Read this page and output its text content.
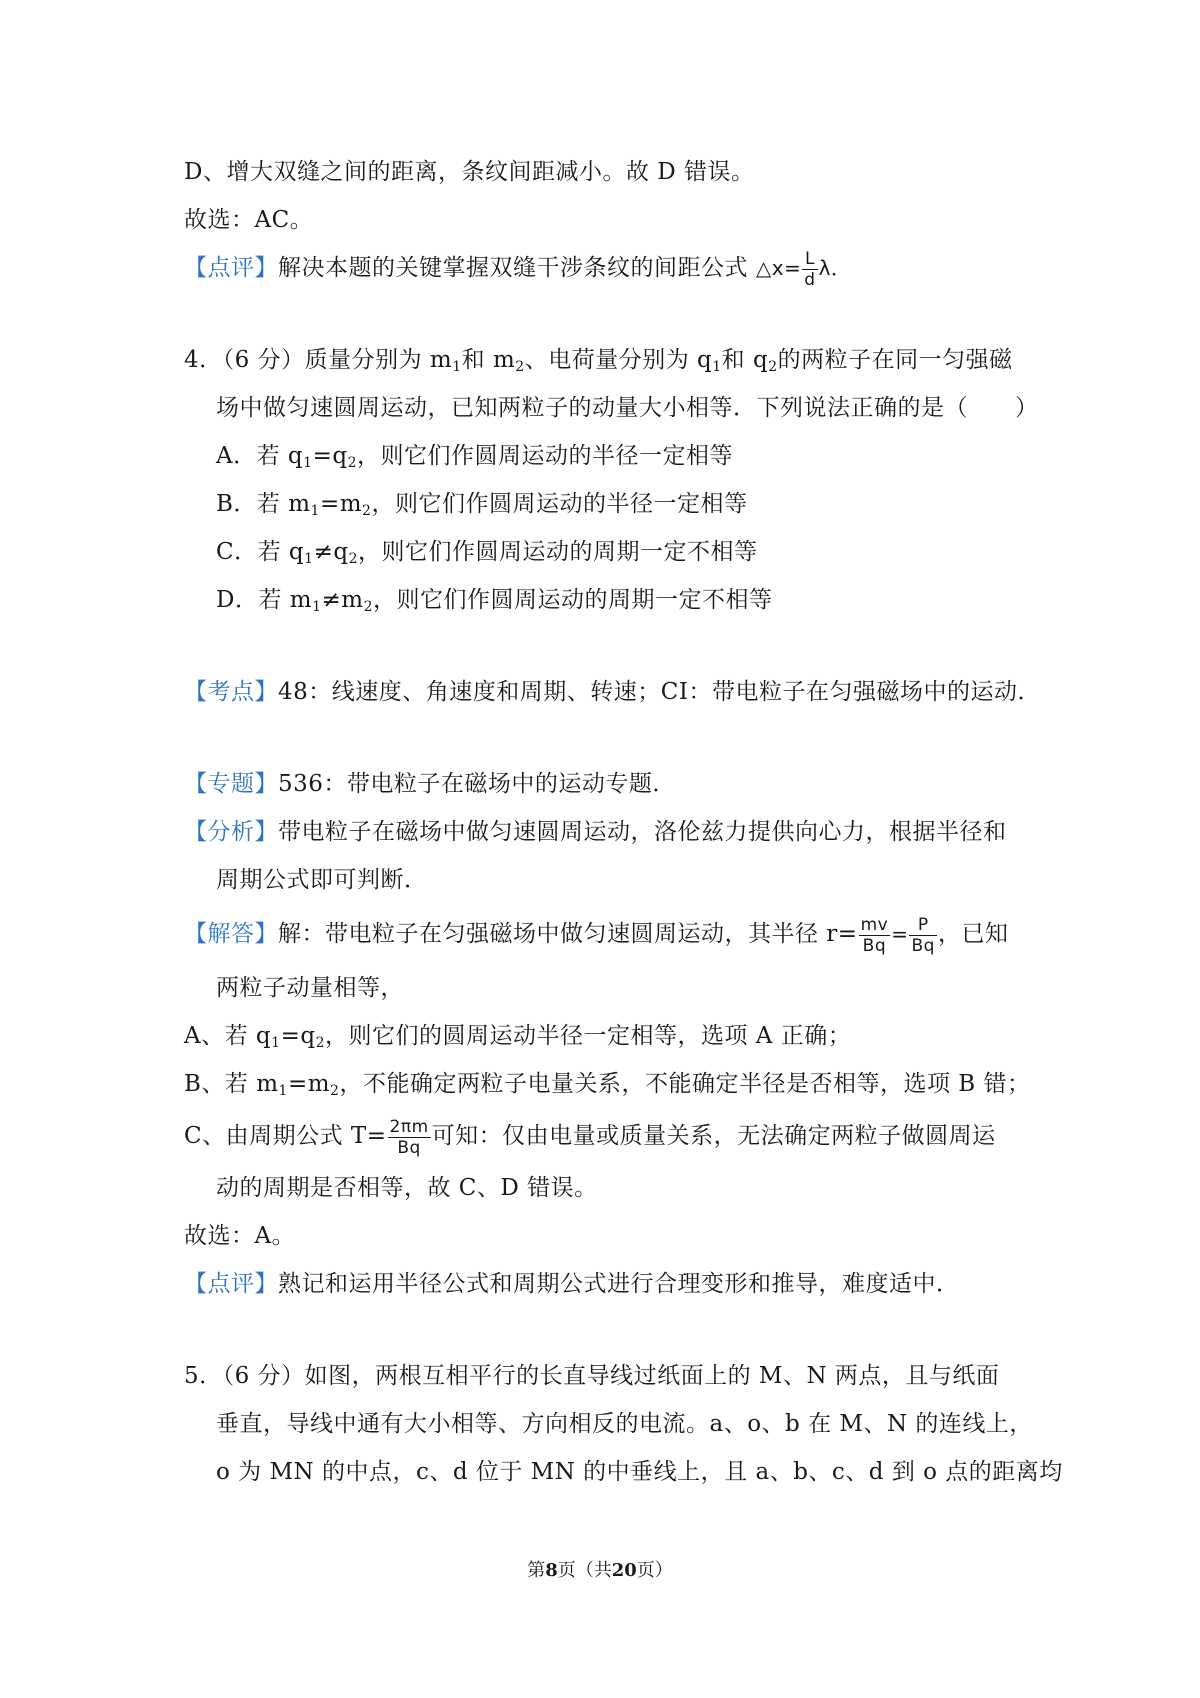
D、增大双缝之间的距离，条纹间距减小。故 D 错误。
故选：AC。
【点评】解决本题的关键掌握双缝干涉条纹的间距公式 △x= $\frac{L}{d}$ λ．
4．（6 分）质量分别为 $m_1$和 $m_2$、电荷量分别为 $q_1$和 $q_2$的两粒子在同一匀强磁
场中做匀速圆周运动，已知两粒子的动量大小相等．下列说法正确的是（　　）
A．若 $q_1=q_2$，则它们作圆周运动的半径一定相等
B．若 $m_1=m_2$，则它们作圆周运动的半径一定相等
C．若 $q_1\ne q_2$，则它们作圆周运动的周期一定不相等
D．若 $m_1\ne m_2$，则它们作圆周运动的周期一定不相等
【考点】48：线速度、角速度和周期、转速；CI：带电粒子在匀强磁场中的运动．
【专题】536：带电粒子在磁场中的运动专题．
【分析】带电粒子在磁场中做匀速圆周运动，洛伦兹力提供向心力，根据半径和
周期公式即可判断．
【解答】解：带电粒子在匀强磁场中做匀速圆周运动，其半径 $r= \frac{mv}{Bq} = \frac{P}{Bq}$ ，已知
两粒子动量相等，
A、若 $q_1=q_2$，则它们的圆周运动半径一定相等，选项 A 正确；
B、若 $m_1=m_2$，不能确定两粒子电量关系，不能确定半径是否相等，选项 B 错；
C、由周期公式 $T= \frac{2\pi m}{Bq}$ 可知：仅由电量或质量关系，无法确定两粒子做圆周运
动的周期是否相等，故 C、D 错误。
故选：A。
【点评】熟记和运用半径公式和周期公式进行合理变形和推导，难度适中．
5．（6 分）如图，两根互相平行的长直导线过纸面上的 M、N 两点，且与纸面
垂直，导线中通有大小相等、方向相反的电流。a、o、b 在 M、N 的连线上，
o 为 MN 的中点，c、d 位于 MN 的中垂线上，且 a、b、c、d 到 o 点的距离均
第8页（共20页）
